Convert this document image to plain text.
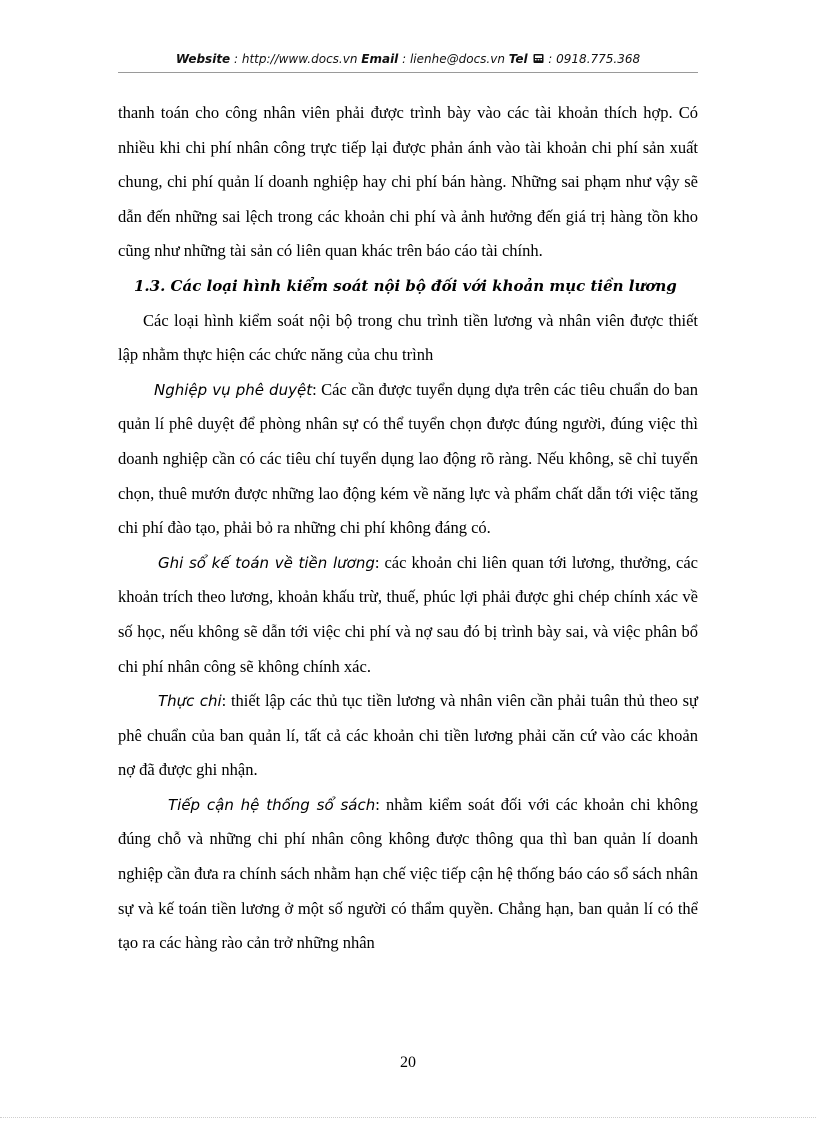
Website : http://www.docs.vn Email : lienhe@docs.vn Tel  : 0918.775.368

thanh toán cho công nhân viên phải được trình bày vào các tài khoản thích hợp. Có nhiều khi chi phí nhân công trực tiếp lại được phản ánh vào tài khoản chi phí sản xuất chung, chi phí quản lí doanh nghiệp hay chi phí bán hàng. Những sai phạm như vậy sẽ dẫn đến những sai lệch trong các khoản chi phí và ảnh hưởng đến giá trị hàng tồn kho cũng như những tài sản có liên quan khác trên báo cáo tài chính.

1.3. Các loại hình kiểm soát nội bộ đối với khoản mục tiền lương

Các loại hình kiểm soát nội bộ trong chu trình tiền lương và nhân viên được thiết lập nhằm thực hiện các chức năng của chu trình

Nghiệp vụ phê duyệt: Các cần được tuyển dụng dựa trên các tiêu chuẩn do ban quản lí phê duyệt để phòng nhân sự có thể tuyển chọn được đúng người, đúng việc thì doanh nghiệp cần có các tiêu chí tuyển dụng lao động rõ ràng. Nếu không, sẽ chỉ tuyển chọn, thuê mướn được những lao động kém về năng lực và phẩm chất dẫn tới việc tăng chi phí đào tạo, phải bỏ ra những chi phí không đáng có.

Ghi sổ kế toán về tiền lương: các khoản chi liên quan tới lương, thưởng, các khoản trích theo lương, khoản khấu trừ, thuế, phúc lợi phải được ghi chép chính xác về số học, nếu không sẽ dẫn tới việc chi phí và nợ sau đó bị trình bày sai, và việc phân bổ chi phí nhân công sẽ không chính xác.

Thực chi: thiết lập các thủ tục tiền lương và nhân viên cần phải tuân thủ theo sự phê chuẩn của ban quản lí, tất cả các khoản chi tiền lương phải căn cứ vào các khoản nợ đã được ghi nhận.

Tiếp cận hệ thống sổ sách: nhằm kiểm soát đối với các khoản chi không đúng chỗ và những chi phí nhân công không được thông qua thì ban quản lí doanh nghiệp cần đưa ra chính sách nhằm hạn chế việc tiếp cận hệ thống báo cáo sổ sách nhân sự và kế toán tiền lương ở một số người có thẩm quyền. Chẳng hạn, ban quản lí có thể tạo ra các hàng rào cản trở những nhân

20
